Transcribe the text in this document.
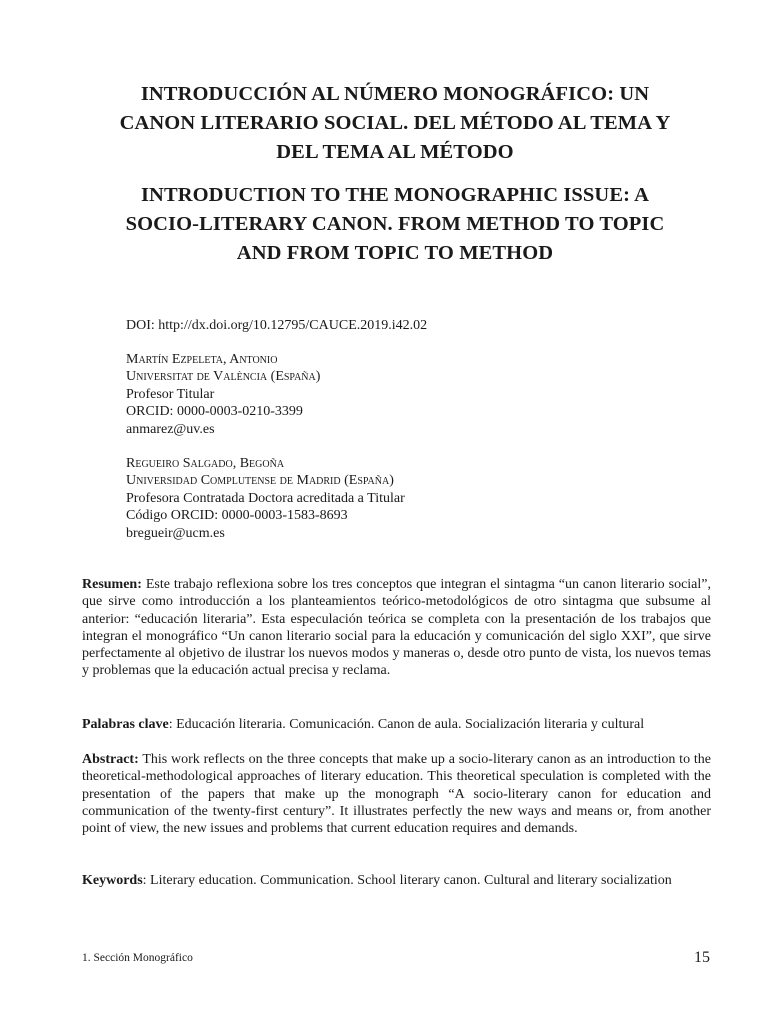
INTRODUCCIÓN AL NÚMERO MONOGRÁFICO: UN
CANON LITERARIO SOCIAL. DEL MÉTODO AL TEMA Y
DEL TEMA AL MÉTODO
INTRODUCTION TO THE MONOGRAPHIC ISSUE: A
SOCIO-LITERARY CANON. FROM METHOD TO TOPIC
AND FROM TOPIC TO METHOD
DOI: http://dx.doi.org/10.12795/CAUCE.2019.i42.02
Martín Ezpeleta, Antonio
Universitat de València (España)
Profesor Titular
ORCID: 0000-0003-0210-3399
anmarez@uv.es
Regueiro Salgado, Begoña
Universidad Complutense de Madrid (España)
Profesora Contratada Doctora acreditada a Titular
Código ORCID: 0000-0003-1583-8693
bregueir@ucm.es

Resumen: Este trabajo reflexiona sobre los tres conceptos que integran el sintagma “un canon literario social”, que sirve como introducción a los planteamientos teórico-metodológicos de otro sintagma que subsume al anterior: “educación literaria”. Esta especulación teórica se completa con la presentación de los trabajos que integran el monográfico “Un canon literario social para la educación y comunicación del siglo XXI”, que sirve perfectamente al objetivo de ilustrar los nuevos modos y maneras o, desde otro punto de vista, los nuevos temas y problemas que la educación actual precisa y reclama.

Palabras clave: Educación literaria. Comunicación. Canon de aula. Socialización literaria y cultural

Abstract: This work reflects on the three concepts that make up a socio-literary canon as an introduction to the theoretical-methodological approaches of literary education. This theoretical speculation is completed with the presentation of the papers that make up the monograph “A socio-literary canon for education and communication of the twenty-first century”. It illustrates perfectly the new ways and means or, from another point of view, the new issues and problems that current education requires and demands.

Keywords: Literary education. Communication. School literary canon. Cultural and literary socialization

1. Sección Monográfico	15
